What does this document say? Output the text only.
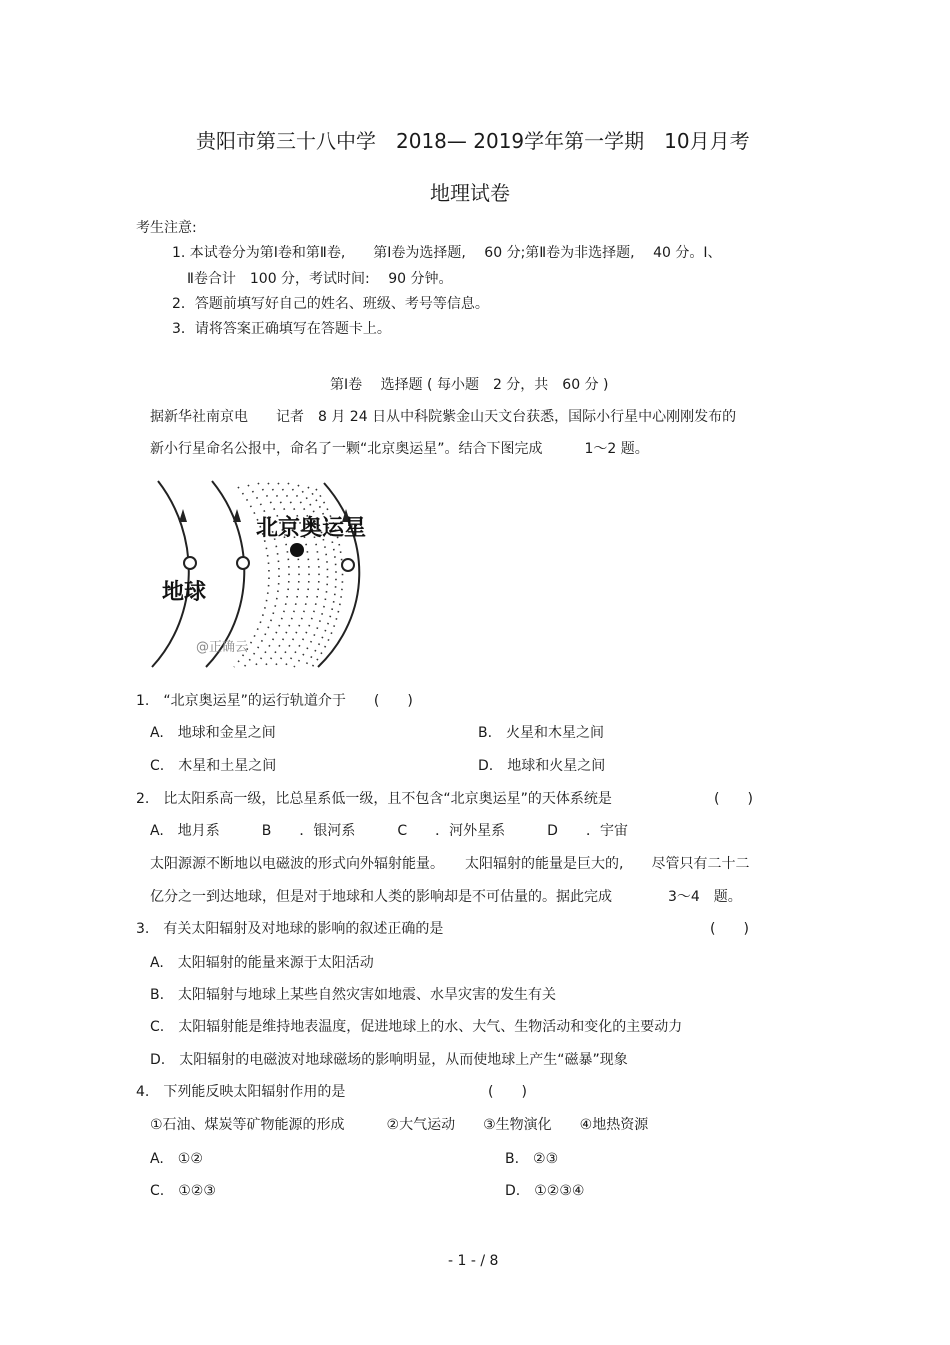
贵阳市第三十八中学　2018— 2019学年第一学期　10月月考
地理试卷
考生注意:
1. 本试卷分为第Ⅰ卷和第Ⅱ卷,　　第Ⅰ卷为选择题,　 60 分;第Ⅱ卷为非选择题,　 40 分。Ⅰ、
Ⅱ卷合计　100 分，考试时间:　 90 分钟。
2．答题前填写好自己的姓名、班级、考号等信息。
3．请将答案正确填写在答题卡上。
第Ⅰ卷　 选择题 ( 每小题　2 分，共　60 分 )
据新华社南京电　　记者　8 月 24 日从中科院紫金山天文台获悉，国际小行星中心刚刚发布的
新小行星命名公报中，命名了一颗“北京奥运星”。结合下图完成　　　1～2 题。
北京奥运星
地球
@正确云
1.　“北京奥运星”的运行轨道介于　　(　　)
A.　地球和金星之间	B.　火星和木星之间
C.　木星和土星之间	D.　地球和火星之间
2.　比太阳系高一级，比总星系低一级，且不包含“北京奥运星”的天体系统是	(　　)
A.　地月系　　　B　　．银河系　　　C　　．河外星系　　　D　　．宇宙
太阳源源不断地以电磁波的形式向外辐射能量。　　太阳辐射的能量是巨大的,　　尽管只有二十二
亿分之一到达地球，但是对于地球和人类的影响却是不可估量的。据此完成　　　　3～4　题。
3.　有关太阳辐射及对地球的影响的叙述正确的是	(　　)
A.　太阳辐射的能量来源于太阳活动
B.　太阳辐射与地球上某些自然灾害如地震、水旱灾害的发生有关
C.　太阳辐射能是维持地表温度，促进地球上的水、大气、生物活动和变化的主要动力
D.　太阳辐射的电磁波对地球磁场的影响明显，从而使地球上产生“磁暴”现象
4.　下列能反映太阳辐射作用的是	(　　)
①石油、煤炭等矿物能源的形成　　　②大气运动　　③生物演化　　④地热资源
A.　①②	B.　②③
C.　①②③	D.　①②③④
- 1 - / 8
